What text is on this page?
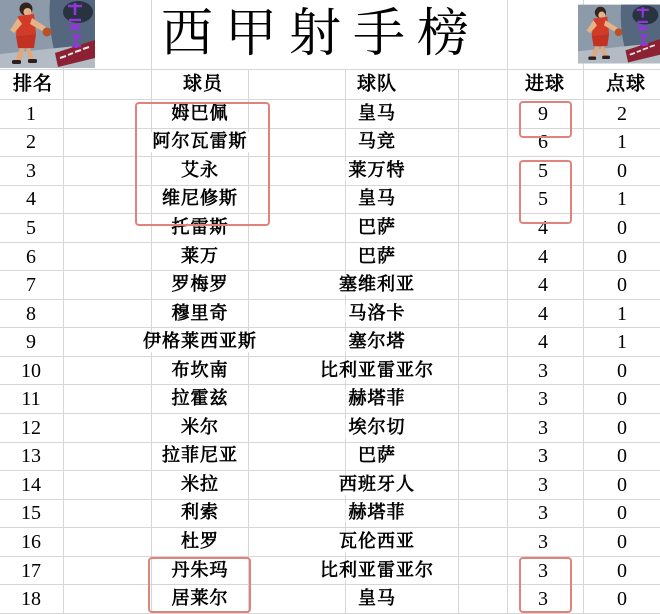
西甲射手榜
排名	球员	球队	进球 点球
1	姆巴佩	皇马	9	2
2	阿尔瓦雷斯	马竞	6	1
3	艾永	莱万特	5	0
4	维尼修斯	皇马	5	1
5	托雷斯	巴萨	4	0
6	莱万	巴萨	4	0
7	罗梅罗	塞维利亚	4	0
8	穆里奇	马洛卡	4	1
9	伊格莱西亚斯	塞尔塔	4	1
10	布坎南	比利亚雷亚尔	3	0
11	拉霍兹	赫塔菲	3	0
12	米尔	埃尔切	3	0
13	拉菲尼亚	巴萨	3	0
14	米拉	西班牙人	3	0
15	利索	赫塔菲	3	0
16	杜罗	瓦伦西亚	3	0
17	丹朱玛	比利亚雷亚尔	3	0
18	居莱尔	皇马	3	0
